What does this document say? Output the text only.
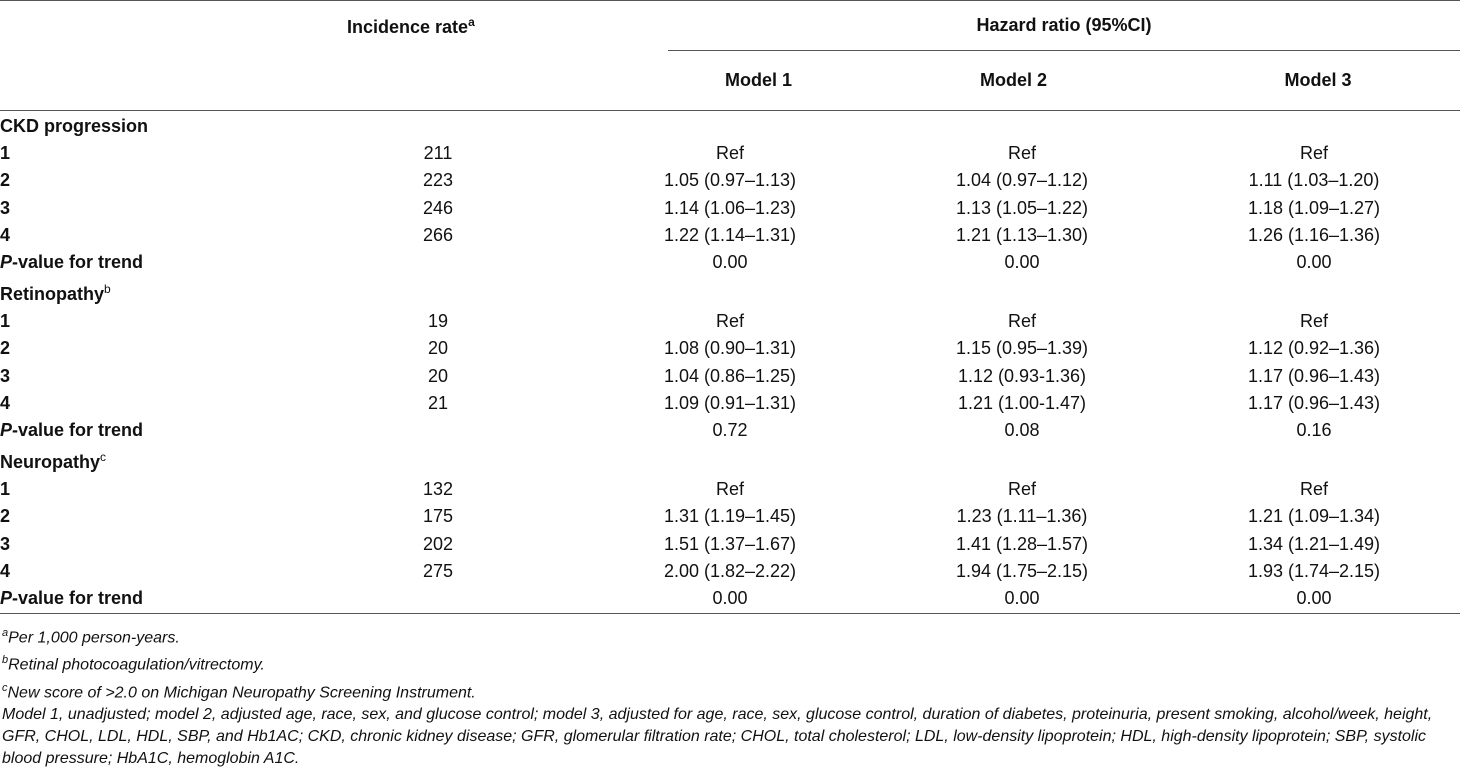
Incidence rate$^a$	Hazard ratio (95%CI)
Model 1	Model 2	Model 3
CKD progression				
1	211	Ref	Ref	Ref
2	223	1.05 (0.97–1.13)	1.04 (0.97–1.12)	1.11 (1.03–1.20)
3	246	1.14 (1.06–1.23)	1.13 (1.05–1.22)	1.18 (1.09–1.27)
4	266	1.22 (1.14–1.31)	1.21 (1.13–1.30)	1.26 (1.16–1.36)
P-value for trend		0.00	0.00	0.00
Retinopathy$^b$
1	19	Ref	Ref	Ref
2	20	1.08 (0.90–1.31)	1.15 (0.95–1.39)	1.12 (0.92–1.36)
3	20	1.04 (0.86–1.25)	1.12 (0.93-1.36)	1.17 (0.96–1.43)
4	21	1.09 (0.91–1.31)	1.21 (1.00-1.47)	1.17 (0.96–1.43)
P-value for trend		0.72	0.08	0.16
Neuropathy$^c$
1	132	Ref	Ref	Ref
2	175	1.31 (1.19–1.45)	1.23 (1.11–1.36)	1.21 (1.09–1.34)
3	202	1.51 (1.37–1.67)	1.41 (1.28–1.57)	1.34 (1.21–1.49)
4	275	2.00 (1.82–2.22)	1.94 (1.75–2.15)	1.93 (1.74–2.15)
P-value for trend		0.00	0.00	0.00

$^a$Per 1,000 person-years.

$^b$Retinal photocoagulation/vitrectomy.

$^c$New score of >2.0 on Michigan Neuropathy Screening Instrument.

Model 1, unadjusted; model 2, adjusted age, race, sex, and glucose control; model 3, adjusted for age, race, sex, glucose control, duration of diabetes, proteinuria, present smoking, alcohol/week, height, GFR, CHOL, LDL, HDL, SBP, and Hb1AC; CKD, chronic kidney disease; GFR, glomerular filtration rate; CHOL, total cholesterol; LDL, low-density lipoprotein; HDL, high-density lipoprotein; SBP, systolic blood pressure; HbA1C, hemoglobin A1C.
